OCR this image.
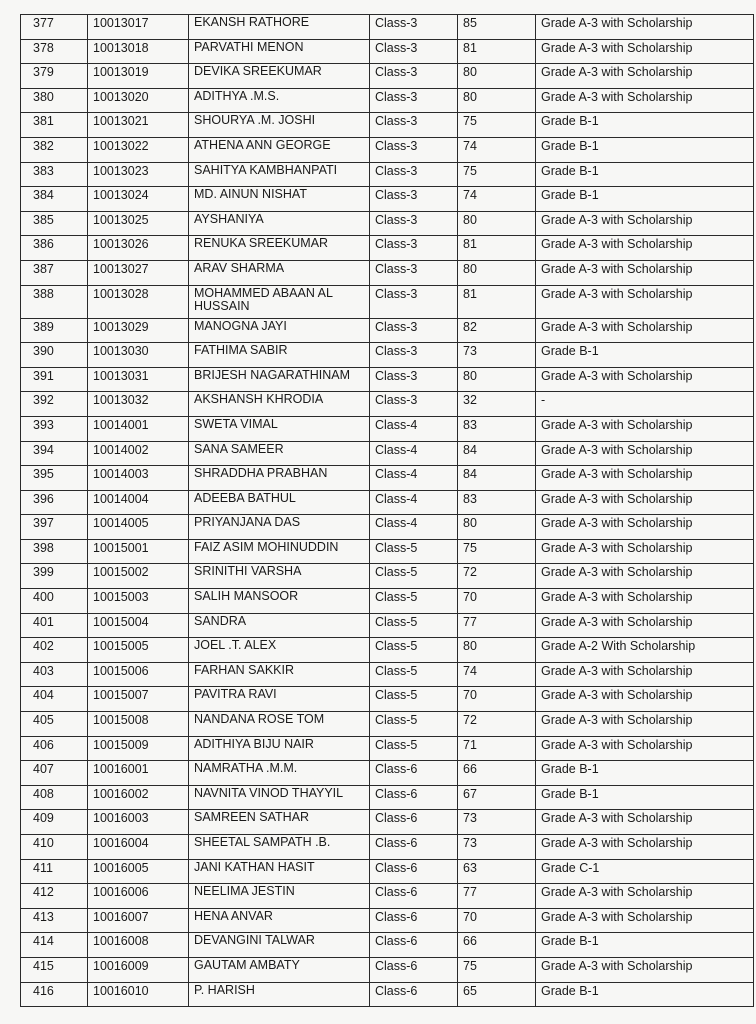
377	10013017	EKANSH RATHORE	Class-3	85	Grade A-3 with Scholarship
378	10013018	PARVATHI MENON	Class-3	81	Grade A-3 with Scholarship
379	10013019	DEVIKA SREEKUMAR	Class-3	80	Grade A-3 with Scholarship
380	10013020	ADITHYA .M.S.	Class-3	80	Grade A-3 with Scholarship
381	10013021	SHOURYA .M. JOSHI	Class-3	75	Grade B-1
382	10013022	ATHENA ANN GEORGE	Class-3	74	Grade B-1
383	10013023	SAHITYA KAMBHANPATI	Class-3	75	Grade B-1
384	10013024	MD. AINUN NISHAT	Class-3	74	Grade B-1
385	10013025	AYSHANIYA	Class-3	80	Grade A-3 with Scholarship
386	10013026	RENUKA SREEKUMAR	Class-3	81	Grade A-3 with Scholarship
387	10013027	ARAV SHARMA	Class-3	80	Grade A-3 with Scholarship
388	10013028	MOHAMMED ABAAN AL HUSSAIN	Class-3	81	Grade A-3 with Scholarship
389	10013029	MANOGNA JAYI	Class-3	82	Grade A-3 with Scholarship
390	10013030	FATHIMA SABIR	Class-3	73	Grade B-1
391	10013031	BRIJESH NAGARATHINAM	Class-3	80	Grade A-3 with Scholarship
392	10013032	AKSHANSH KHRODIA	Class-3	32	-
393	10014001	SWETA VIMAL	Class-4	83	Grade A-3 with Scholarship
394	10014002	SANA SAMEER	Class-4	84	Grade A-3 with Scholarship
395	10014003	SHRADDHA PRABHAN	Class-4	84	Grade A-3 with Scholarship
396	10014004	ADEEBA BATHUL	Class-4	83	Grade A-3 with Scholarship
397	10014005	PRIYANJANA DAS	Class-4	80	Grade A-3 with Scholarship
398	10015001	FAIZ ASIM MOHINUDDIN	Class-5	75	Grade A-3 with Scholarship
399	10015002	SRINITHI VARSHA	Class-5	72	Grade A-3 with Scholarship
400	10015003	SALIH MANSOOR	Class-5	70	Grade A-3 with Scholarship
401	10015004	SANDRA	Class-5	77	Grade A-3 with Scholarship
402	10015005	JOEL .T. ALEX	Class-5	80	Grade A-2 With Scholarship
403	10015006	FARHAN SAKKIR	Class-5	74	Grade A-3 with Scholarship
404	10015007	PAVITRA RAVI	Class-5	70	Grade A-3 with Scholarship
405	10015008	NANDANA ROSE TOM	Class-5	72	Grade A-3 with Scholarship
406	10015009	ADITHIYA BIJU NAIR	Class-5	71	Grade A-3 with Scholarship
407	10016001	NAMRATHA .M.M.	Class-6	66	Grade B-1
408	10016002	NAVNITA VINOD THAYYIL	Class-6	67	Grade B-1
409	10016003	SAMREEN SATHAR	Class-6	73	Grade A-3 with Scholarship
410	10016004	SHEETAL SAMPATH .B.	Class-6	73	Grade A-3 with Scholarship
411	10016005	JANI KATHAN HASIT	Class-6	63	Grade C-1
412	10016006	NEELIMA JESTIN	Class-6	77	Grade A-3 with Scholarship
413	10016007	HENA ANVAR	Class-6	70	Grade A-3 with Scholarship
414	10016008	DEVANGINI TALWAR	Class-6	66	Grade B-1
415	10016009	GAUTAM AMBATY	Class-6	75	Grade A-3 with Scholarship
416	10016010	P. HARISH	Class-6	65	Grade B-1
